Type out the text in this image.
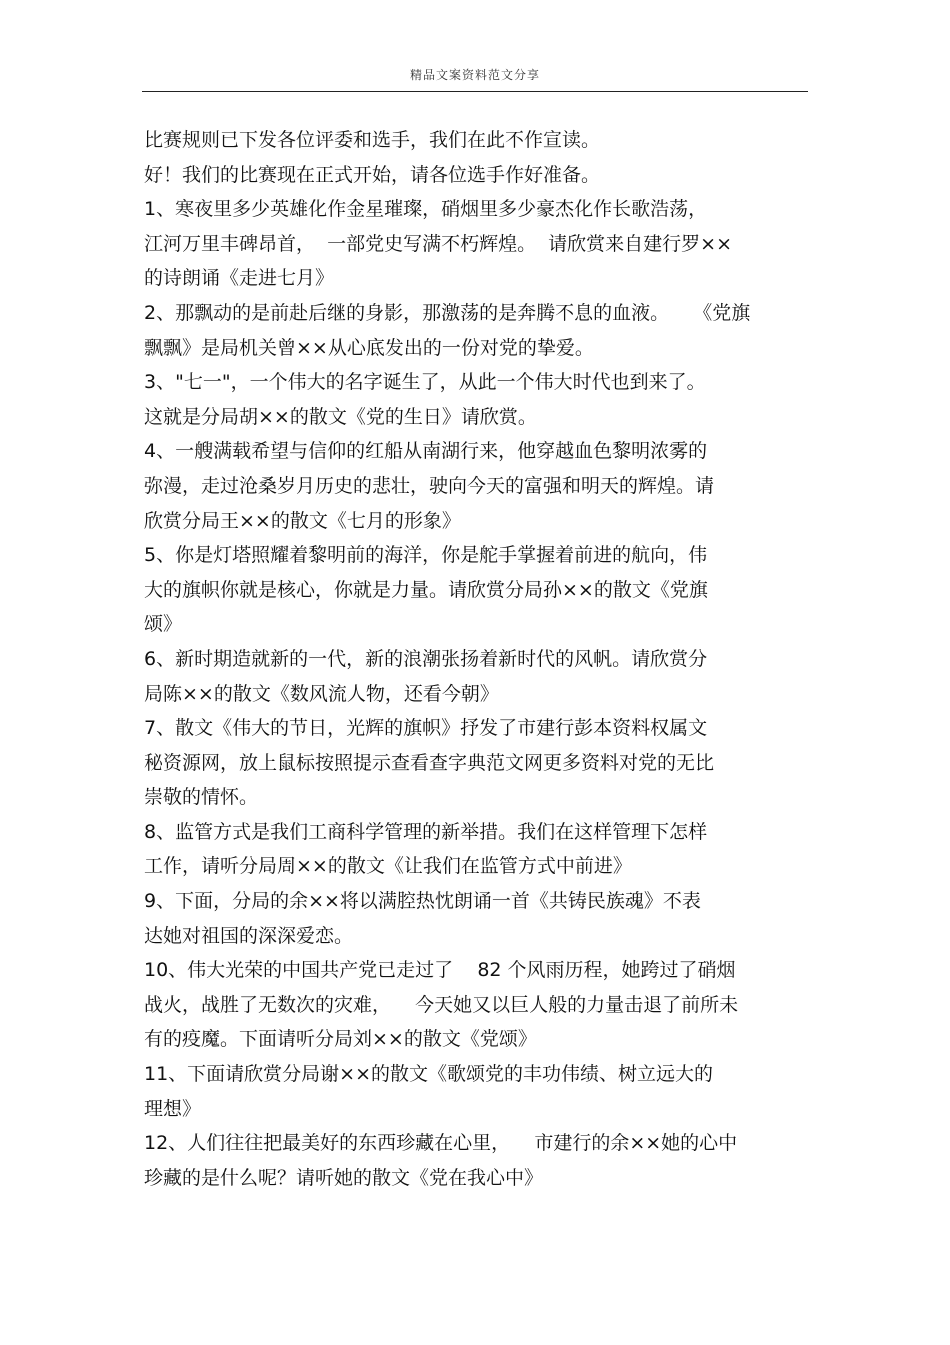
精品文案资料范文分享
比赛规则已下发各位评委和选手，我们在此不作宣读。
好！我们的比赛现在正式开始，请各位选手作好准备。
1、寒夜里多少英雄化作金星璀璨，硝烟里多少豪杰化作长歌浩荡，
江河万里丰碑昂首，  一部党史写满不朽辉煌。  请欣赏来自建行罗××
的诗朗诵《走进七月》
2、那飘动的是前赴后继的身影，那激荡的是奔腾不息的血液。    《党旗
飘飘》是局机关曾××从心底发出的一份对党的挚爱。
3、"七一"，一个伟大的名字诞生了，从此一个伟大时代也到来了。
这就是分局胡××的散文《党的生日》请欣赏。
4、一艘满载希望与信仰的红船从南湖行来，他穿越血色黎明浓雾的
弥漫，走过沧桑岁月历史的悲壮，驶向今天的富强和明天的辉煌。请
欣赏分局王××的散文《七月的形象》
5、你是灯塔照耀着黎明前的海洋，你是舵手掌握着前进的航向，伟
大的旗帜你就是核心，你就是力量。请欣赏分局孙××的散文《党旗
颂》
6、新时期造就新的一代，新的浪潮张扬着新时代的风帆。请欣赏分
局陈××的散文《数风流人物，还看今朝》
7、散文《伟大的节日，光辉的旗帜》抒发了市建行彭本资料权属文
秘资源网，放上鼠标按照提示查看查字典范文网更多资料对党的无比
崇敬的情怀。
8、监管方式是我们工商科学管理的新举措。我们在这样管理下怎样
工作，请听分局周××的散文《让我们在监管方式中前进》
9、下面，分局的余××将以满腔热忱朗诵一首《共铸民族魂》不表
达她对祖国的深深爱恋。
10、伟大光荣的中国共产党已走过了    82 个风雨历程，她跨过了硝烟
战火，战胜了无数次的灾难，    今天她又以巨人般的力量击退了前所未
有的疫魔。下面请听分局刘××的散文《党颂》
11、下面请欣赏分局谢××的散文《歌颂党的丰功伟绩、树立远大的
理想》
12、人们往往把最美好的东西珍藏在心里，    市建行的余××她的心中
珍藏的是什么呢？请听她的散文《党在我心中》
